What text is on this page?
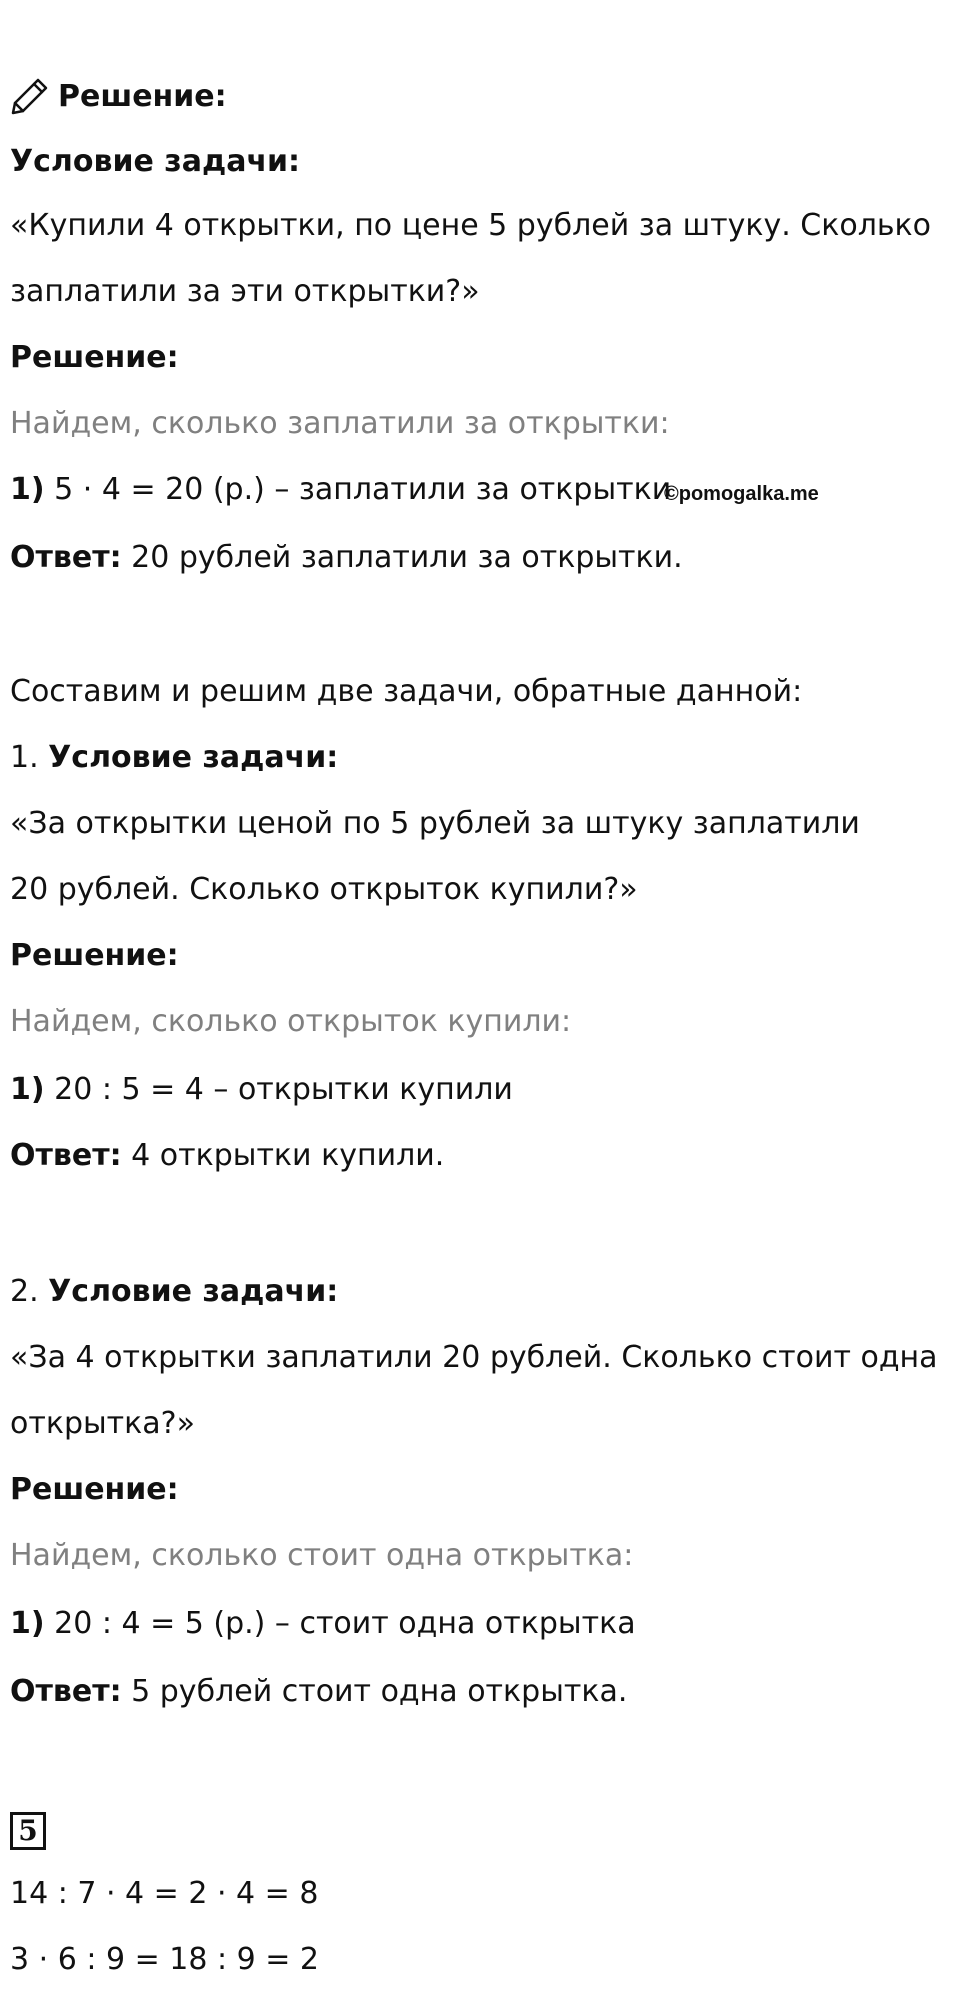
Решение:
Условие задачи:
«Купили 4 открытки, по цене 5 рублей за штуку. Сколько
заплатили за эти открытки?»
Решение:
Найдем, сколько заплатили за открытки:
1) 5 · 4 = 20 (р.) – заплатили за открытки
©pomogalka.me
Ответ: 20 рублей заплатили за открытки.
Составим и решим две задачи, обратные данной:
1. Условие задачи:
«За открытки ценой по 5 рублей за штуку заплатили
20 рублей. Сколько открыток купили?»
Решение:
Найдем, сколько открыток купили:
1) 20 : 5 = 4 – открытки купили
Ответ: 4 открытки купили.
2. Условие задачи:
«За 4 открытки заплатили 20 рублей. Сколько стоит одна
открытка?»
Решение:
Найдем, сколько стоит одна открытка:
1) 20 : 4 = 5 (р.) – стоит одна открытка
Ответ: 5 рублей стоит одна открытка.
5
14 : 7 · 4 = 2 · 4 = 8
3 · 6 : 9 = 18 : 9 = 2
